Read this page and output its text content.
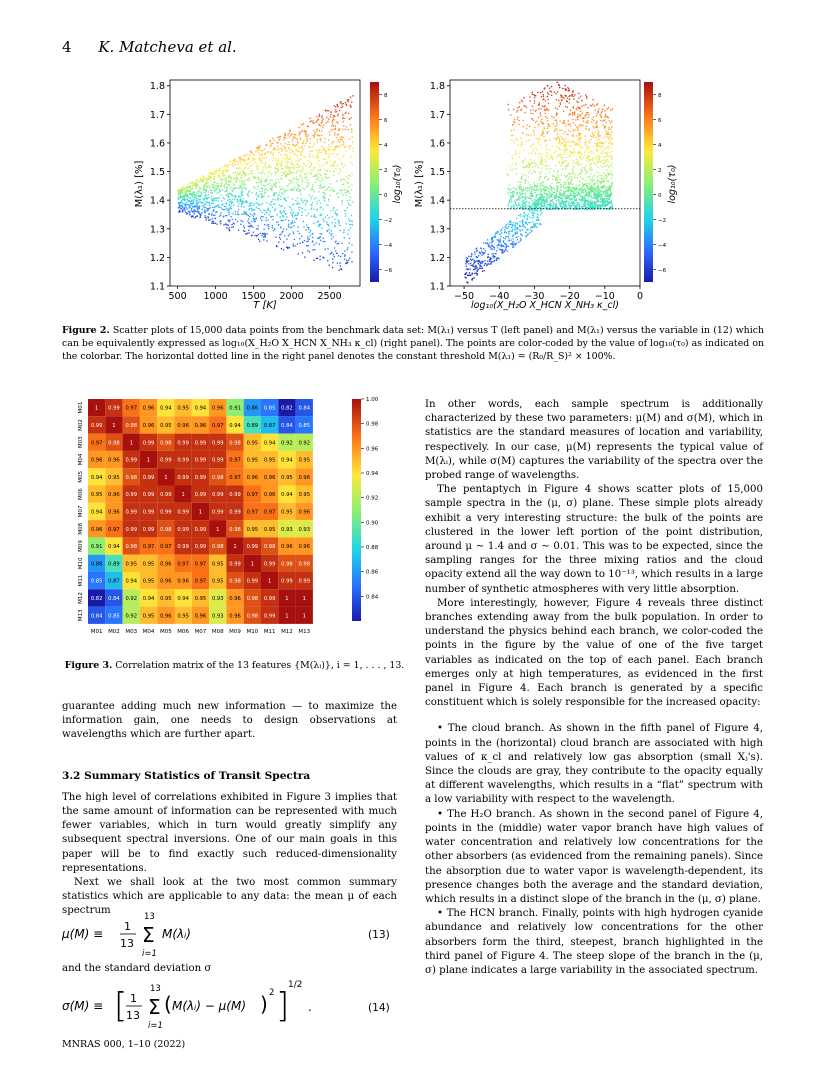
4 K. Matcheva et al.
1.8
1.7
1.6
1.5
1.4
1.3
1.2
1.1
500 1000 1500 2000 2500
M(λ₁) [%]
T [K]
8
6
4
2
0
−2
−4
−6
log₁₀(τ₀)
1.8
1.7
1.6
1.5
1.4
1.3
1.2
1.1
−50 −40 −30 −20 −10 0
M(λ₁) [%]
log₁₀(X_H₂O X_HCN X_NH₃ κ_cl)
8
6
4
2
0
−2
−4
−6
log₁₀(τ₀)
Figure 2. Scatter plots of 15,000 data points from the benchmark data set: M(λ₁) versus T (left panel) and M(λ₁) versus the variable in (12) which can be equivalently expressed as log₁₀(X_H₂O X_HCN X_NH₃ κ_cl) (right panel). The points are color-coded by the value of log₁₀(τ₀) as indicated on the colorbar. The horizontal dotted line in the right panel denotes the constant threshold M(λ₁) = (R₀/R_S)² × 100%.
1 0.99 0.97 0.96 0.94 0.95 0.94 0.96 0.91 0.86 0.85 0.82 0.84
0.99 1 0.98 0.96 0.95 0.96 0.96 0.97 0.94 0.89 0.87 0.84 0.85
0.97 0.98 1 0.99 0.98 0.99 0.99 0.99 0.98 0.95 0.94 0.92 0.92
0.96 0.96 0.99 1 0.99 0.99 0.99 0.99 0.97 0.95 0.95 0.94 0.95
0.94 0.95 0.98 0.99 1 0.99 0.99 0.98 0.97 0.96 0.96 0.95 0.96
0.95 0.96 0.99 0.99 0.99 1 0.99 0.99 0.99 0.97 0.96 0.94 0.95
0.94 0.96 0.99 0.99 0.99 0.99 1 0.99 0.99 0.97 0.97 0.95 0.96
0.96 0.97 0.99 0.99 0.98 0.99 0.99 1 0.98 0.95 0.95 0.93 0.93
0.91 0.94 0.98 0.97 0.97 0.99 0.99 0.98 1 0.99 0.98 0.96 0.96
0.86 0.89 0.95 0.95 0.96 0.97 0.97 0.95 0.99 1 0.99 0.98 0.98
0.85 0.87 0.94 0.95 0.96 0.96 0.97 0.95 0.98 0.99 1 0.99 0.99
0.82 0.84 0.92 0.94 0.95 0.94 0.95 0.93 0.96 0.98 0.99 1	1
0.84 0.85 0.92 0.95 0.96 0.95 0.96 0.93 0.96 0.98 0.99 1	1
M01
M01
M02
M02
M03
M03
M04
M04
M05
M05
M06
M06
M07
M07
M08
M08
M09
M09
M10
M10
M11
M11
M12
M12
M13
M13
1.00
0.98
0.96
0.94
0.92
0.90
0.88
0.86
0.84
Figure 3. Correlation matrix of the 13 features {M(λᵢ)}, i = 1, . . . , 13.

guarantee adding much new information — to maximize the information gain, one needs to design observations at wavelengths which are further apart.

3.2 Summary Statistics of Transit Spectra

The high level of correlations exhibited in Figure 3 implies that the same amount of information can be represented with much fewer variables, which in turn would greatly simplify any subsequent spectral inversions. One of our main goals in this paper will be to find exactly such reduced-dimensionality representations.

Next we shall look at the two most common summary statistics which are applicable to any data: the mean μ of each spectrum

μ(M) ≡
1
13
13
Σ
i=1
M(λᵢ)	(13)
and the standard deviation σ
σ(M) ≡ [ 1
13
13
Σ
i=1
( M(λᵢ) − μ(M) ) 2 ]
1/2
.	(14)

In other words, each sample spectrum is additionally characterized by these two parameters: μ(M) and σ(M), which in statistics are the standard measures of location and variability, respectively. In our case, μ(M) represents the typical value of M(λᵢ), while σ(M) captures the variability of the spectra over the probed range of wavelengths.

The pentaptych in Figure 4 shows scatter plots of 15,000 sample spectra in the (μ, σ) plane. These simple plots already exhibit a very interesting structure: the bulk of the points are clustered in the lower left portion of the point distribution, around μ ∼ 1.4 and σ ∼ 0.01. This was to be expected, since the sampling ranges for the three mixing ratios and the cloud opacity extend all the way down to 10⁻¹³, which results in a large number of synthetic atmospheres with very little absorption.

More interestingly, however, Figure 4 reveals three distinct branches extending away from the bulk population. In order to understand the physics behind each branch, we color-coded the points in the figure by the value of one of the five target variables as indicated on the top of each panel. Each branch emerges only at high temperatures, as evidenced in the first panel in Figure 4. Each branch is generated by a specific constituent which is solely responsible for the increased opacity:

• The cloud branch. As shown in the fifth panel of Figure 4, points in the (horizontal) cloud branch are associated with high values of κ_cl and relatively low gas absorption (small Xⱼ's). Since the clouds are gray, they contribute to the opacity equally at different wavelengths, which results in a “flat” spectrum with a low variability with respect to the wavelength.

• The H₂O branch. As shown in the second panel of Figure 4, points in the (middle) water vapor branch have high values of water concentration and relatively low concentrations for the other absorbers (as evidenced from the remaining panels). Since the absorption due to water vapor is wavelength-dependent, its presence changes both the average and the standard deviation, which results in a distinct slope of the branch in the (μ, σ) plane.

• The HCN branch. Finally, points with high hydrogen cyanide abundance and relatively low concentrations for the other absorbers form the third, steepest, branch highlighted in the third panel of Figure 4. The steep slope of the branch in the (μ, σ) plane indicates a large variability in the associated spectrum.

MNRAS 000, 1–10 (2022)
